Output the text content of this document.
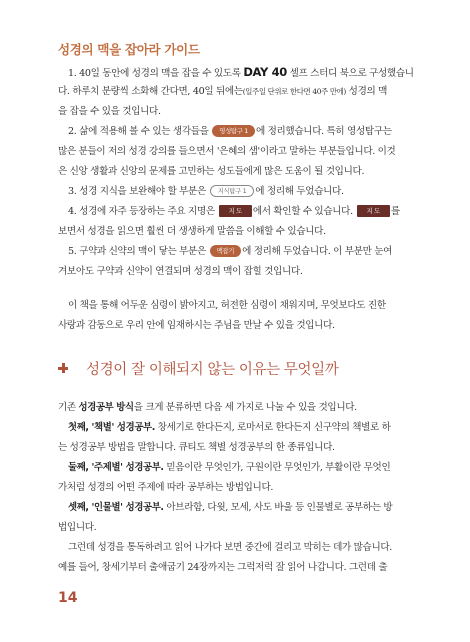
성경의 맥을 잡아라 가이드
1. 40일 동안에 성경의 맥을 잡을 수 있도록 DAY 40 셀프 스터디 북으로 구성했습니
다. 하루치 분량씩 소화해 간다면, 40일 뒤에는(일주일 단위로 한다면 40주 만에) 성경의 맥
을 잡을 수 있을 것입니다.
2. 삶에 적용해 볼 수 있는 생각들을 영성탐구 1 에 정리했습니다. 특히 영성탐구는
많은 분들이 저의 성경 강의를 들으면서 '은혜의 샘'이라고 말하는 부분들입니다. 이것
은 신앙 생활과 신앙의 문제를 고민하는 성도들에게 많은 도움이 될 것입니다.
3. 성경 지식을 보완해야 할 부분은 지식탐구 1 에 정리해 두었습니다.
4. 성경에 자주 등장하는 주요 지명은 지 도 에서 확인할 수 있습니다. 지 도 를
보면서 성경을 읽으면 훨씬 더 생생하게 말씀을 이해할 수 있습니다.
5. 구약과 신약의 맥이 닿는 부분은 맥잡기 에 정리해 두었습니다. 이 부분만 눈여
겨보아도 구약과 신약이 연결되며 성경의 맥이 잡힐 것입니다.
이 책을 통해 어두운 심령이 밝아지고, 허전한 심령이 채워지며, 무엇보다도 진한
사랑과 감동으로 우리 안에 임재하시는 주님을 만날 수 있을 것입니다.
성경이 잘 이해되지 않는 이유는 무엇일까
기존 성경공부 방식을 크게 분류하면 다음 세 가지로 나눌 수 있을 것입니다.
첫째, '책별' 성경공부. 창세기로 한다든지, 로마서로 한다든지 신구약의 책별로 하
는 성경공부 방법을 말합니다. 큐티도 책별 성경공부의 한 종류입니다.
둘째, '주제별' 성경공부. 믿음이란 무엇인가, 구원이란 무엇인가, 부활이란 무엇인
가처럼 성경의 어떤 주제에 따라 공부하는 방법입니다.
셋째, '인물별' 성경공부. 아브라함, 다윗, 모세, 사도 바울 등 인물별로 공부하는 방
법입니다.
그런데 성경을 통독하려고 읽어 나가다 보면 중간에 걸리고 막히는 데가 많습니다.
예를 들어, 창세기부터 출애굽기 24장까지는 그럭저럭 잘 읽어 나갑니다. 그런데 출
14
